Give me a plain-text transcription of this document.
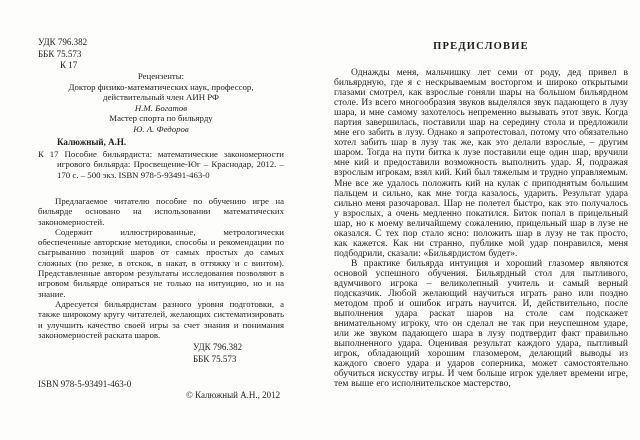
УДК 796.382
ББК 75.573
К 17
Рецензенты:
Доктор физико-математических наук, профессор,
действительный член АИН РФ
Н.М. Богатов
Мастер спорта по бильярду
Ю. А. Федоров
Калюжный, А.Н.
К 17 Пособие бильярдиста: математические закономерности игрового бильярда: Просвещение-Юг – Краснодар, 2012. – 170 с. – 500 экз. ISBN 978-5-93491-463-0

Предлагаемое читателю пособие по обучению игре на бильярде основано на использовании математических закономерностей.

Содержит иллюстрированные, метрологически обеспеченные авторские методики, способы и рекомендации по сыгрыванию позиций шаров от самых простых до самых сложных (по резке, в отскок, в накат, в оттяжку и с винтом). Представленные автором результаты исследования позволяют в игровом бильярде опираться не только на интуицию, но и на знание.

Адресуется бильярдистам разного уровня подготовки, а также широкому кругу читателей, желающих систематизировать и улучшить качество своей игры за счет знания и понимания закономерностей раската шаров.

УДК 796.382
ББК 75.573
ISBN 978-5-93491-463-0
© Калюжный А.Н., 2012
ПРЕДИСЛОВИЕ

Однажды меня, мальчишку лет семи от роду, дед привел в бильярдную, где я с нескрываемым восторгом и широко открытыми глазами смотрел, как взрослые гоняли шары на большом бильярдном столе. Из всего многообразия звуков выделялся звук падающего в лузу шара, и мне самому захотелось непременно вызывать этот звук. Когда партия завершилась, поставили шар на середину стола и предложили мне его забить в лузу. Однако я запротестовал, потому что обязательно хотел забить шар в лузу так же, как это делали взрослые, – другим шаром. Тогда на пути битка к лузе поставили еще один шар, вручили мне кий и предоставили возможность выполнить удар. Я, подражая взрослым игрокам, взял кий. Кий был тяжелым и трудно управляемым. Мне все же удалось положить кий на кулак с приподнятым большим пальцем и сильно, как мне тогда казалось, ударить. Результат удара сильно меня разочаровал. Шар не полетел быстро, как это получалось у взрослых, а очень медленно покатился. Биток попал в прицельный шар, но к моему величайшему сожалению, прицельный шар в лузе не оказался. С тех пор стало ясно: положить шар в лузу не так просто, как кажется. Как ни странно, публике мой удар понравился, меня подбодрили, сказали: «Бильярдистом будет».

В практике бильярда интуиция и хороший глазомер являются основой успешного обучения. Бильярдный стол для пытливого, вдумчивого игрока – великолепный учитель и самый верный подсказчик. Любой желающий научиться играть рано или поздно методом проб и ошибок играть научится. И, действительно, после выполнения удара раскат шаров на столе сам подскажет внимательному игроку, что он сделал не так при неуспешном ударе, или же звуком падающего шара в лузу подтвердит факт правильно выполненного удара. Оценивая результат каждого удара, пытливый игрок, обладающий хорошим глазомером, делающий выводы из каждого своего удара и ударов соперника, может самостоятельно обучиться искусству игры. И чем больше игрок уделяет времени игре, тем выше его исполнительское мастерство,
